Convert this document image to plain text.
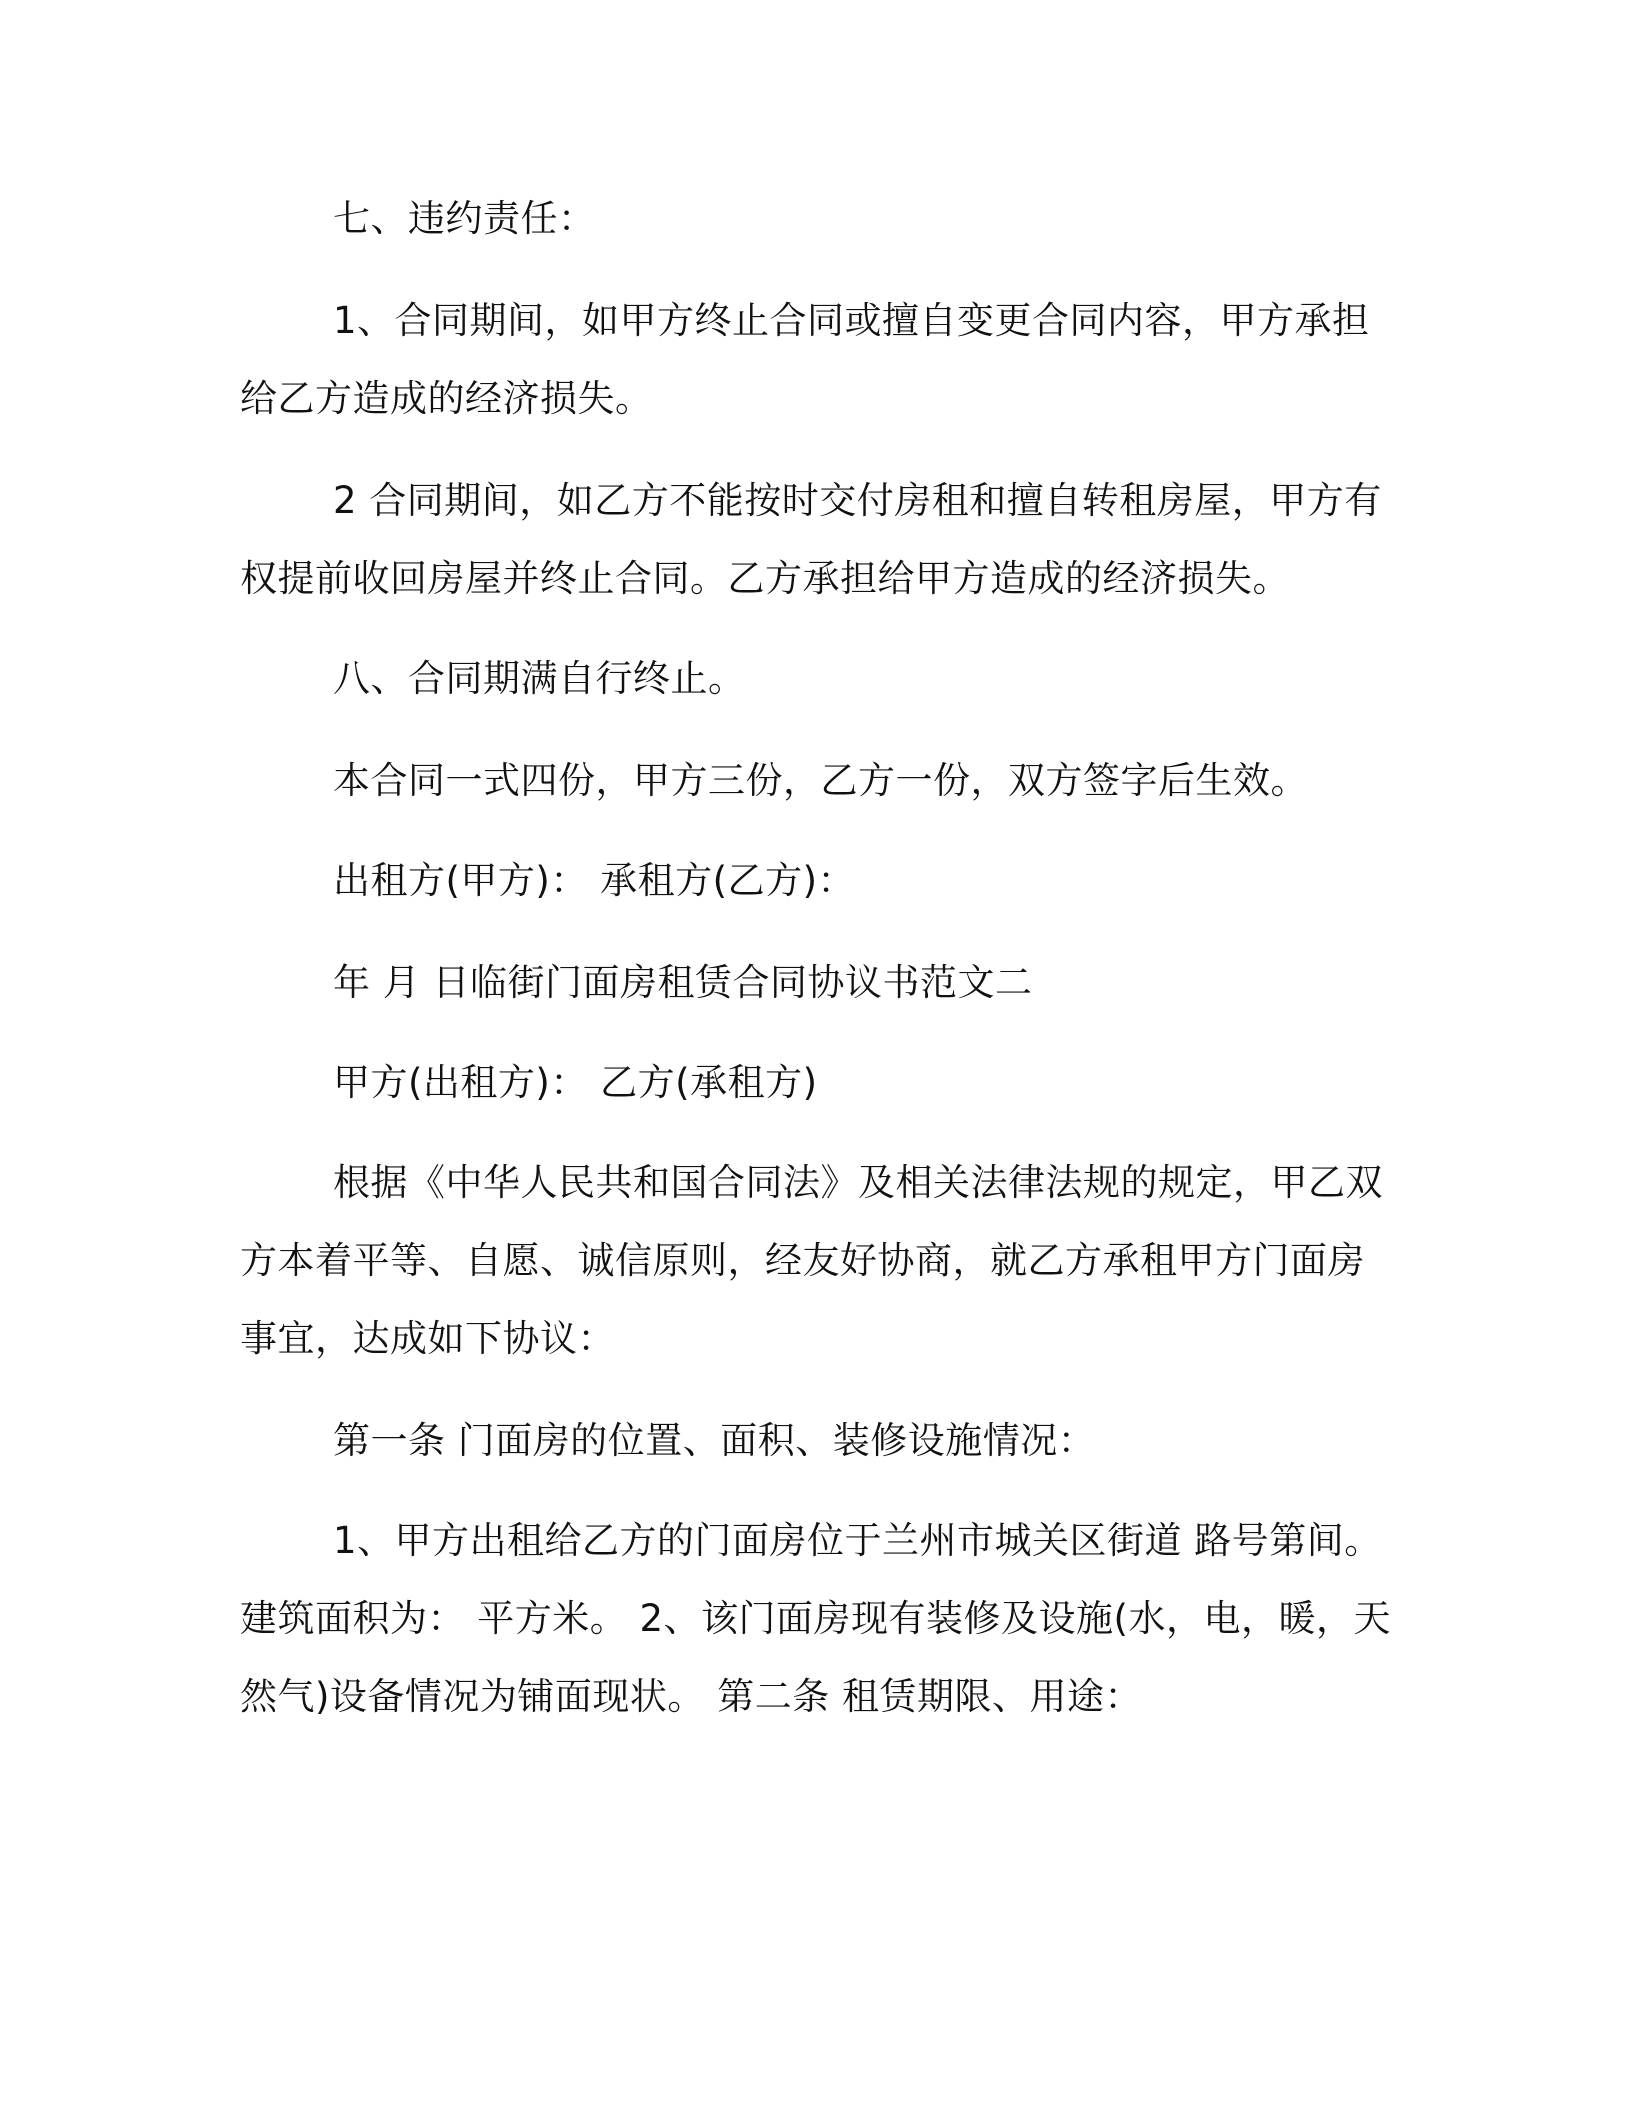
七、违约责任：
1、合同期间，如甲方终止合同或擅自变更合同内容，甲方承担
给乙方造成的经济损失。
2 合同期间，如乙方不能按时交付房租和擅自转租房屋，甲方有
权提前收回房屋并终止合同。乙方承担给甲方造成的经济损失。
八、合同期满自行终止。
本合同一式四份，甲方三份，乙方一份，双方签字后生效。
出租方(甲方)： 承租方(乙方)：
年 月 日临街门面房租赁合同协议书范文二
甲方(出租方)： 乙方(承租方)
根据《中华人民共和国合同法》及相关法律法规的规定，甲乙双
方本着平等、自愿、诚信原则，经友好协商，就乙方承租甲方门面房
事宜，达成如下协议：
第一条 门面房的位置、面积、装修设施情况：
1、甲方出租给乙方的门面房位于兰州市城关区街道 路号第间。
建筑面积为： 平方米。 2、该门面房现有装修及设施(水，电，暖，天
然气)设备情况为铺面现状。 第二条 租赁期限、用途：
